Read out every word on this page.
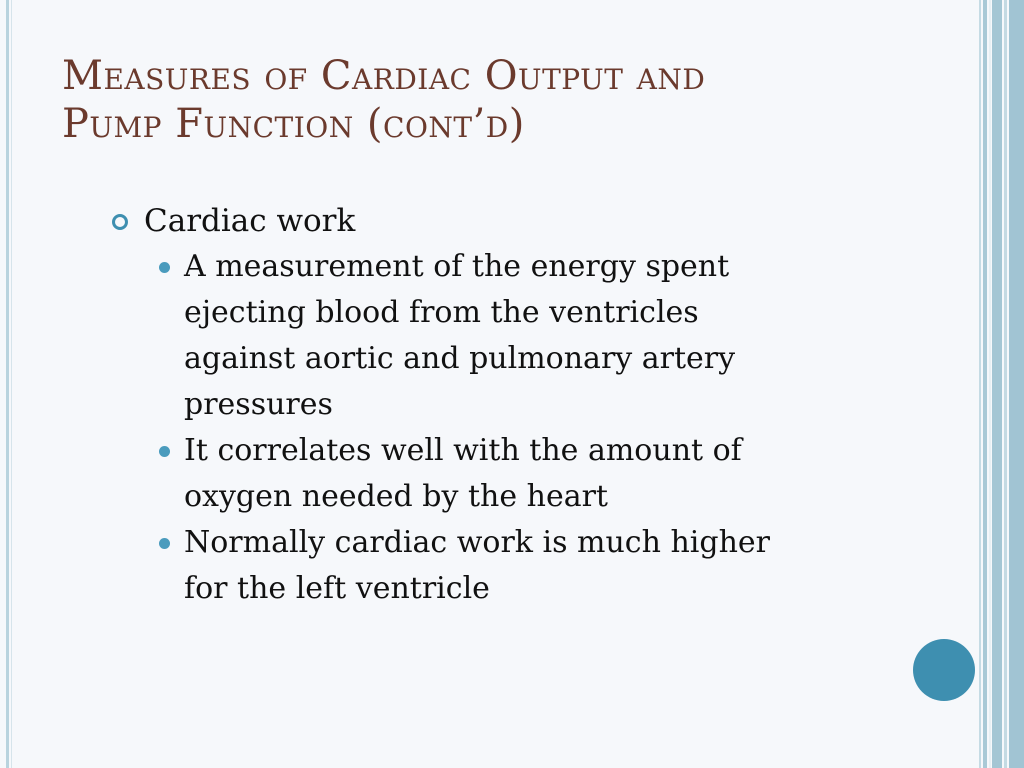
Measures of Cardiac Output and
Pump Function (cont’d)
Cardiac work
A measurement of the energy spent
ejecting blood from the ventricles
against aortic and pulmonary artery
pressures
It correlates well with the amount of
oxygen needed by the heart
Normally cardiac work is much higher
for the left ventricle
